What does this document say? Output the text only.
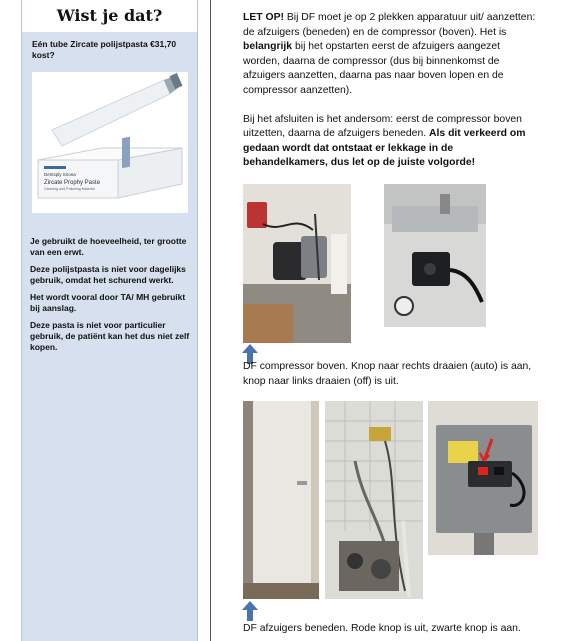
Wist je dat?
Eén tube Zircate polijstpasta €31,70 kost?
Dentsply Sirona
Zircate Prophy Paste
Cleaning and Polishing Material

Je gebruikt de hoeveelheid, ter grootte van een erwt.

Deze polijstpasta is niet voor dagelijks gebruik, omdat het schurend werkt.

Het wordt vooral door TA/ MH gebruikt bij aanslag.

Deze pasta is niet voor particulier gebruik, de patiënt kan het dus niet zelf kopen.

LET OP! Bij DF moet je op 2 plekken apparatuur uit/ aanzetten: de afzuigers (beneden) en de compressor (boven). Het is belangrijk bij het opstarten eerst de afzuigers aangezet worden, daarna de compressor (dus bij binnenkomst de afzuigers aanzetten, daarna pas naar boven lopen en de compressor aanzetten).

Bij het afsluiten is het andersom: eerst de compressor boven uitzetten, daarna de afzuigers beneden. Als dit verkeerd om gedaan wordt dat ontstaat er lekkage in de behandelkamers, dus let op de juiste volgorde!

DF compressor boven. Knop naar rechts draaien (auto) is aan, knop naar links draaien (off) is uit.
DF afzuigers beneden. Rode knop is uit, zwarte knop is aan.
